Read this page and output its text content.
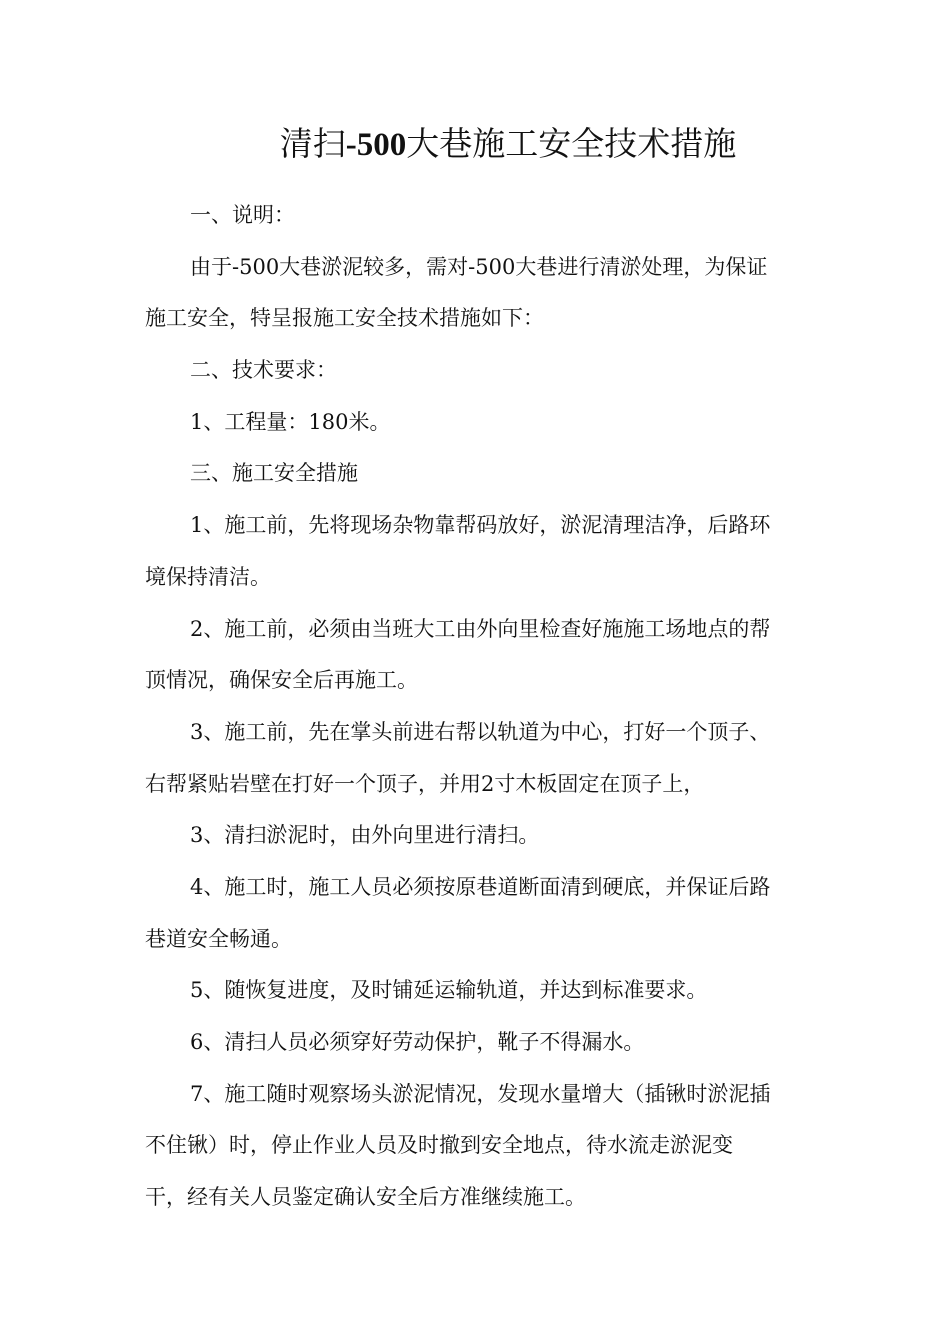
清扫-500大巷施工安全技术措施
一、说明：
由于-500大巷淤泥较多，需对-500大巷进行清淤处理，为保证
施工安全，特呈报施工安全技术措施如下：
二、技术要求：
1、工程量：180米。
三、施工安全措施
1、施工前，先将现场杂物靠帮码放好，淤泥清理洁净，后路环
境保持清洁。
2、施工前，必须由当班大工由外向里检查好施施工场地点的帮
顶情况，确保安全后再施工。
3、施工前，先在掌头前进右帮以轨道为中心，打好一个顶子、
右帮紧贴岩壁在打好一个顶子，并用2寸木板固定在顶子上，
3、清扫淤泥时，由外向里进行清扫。
4、施工时，施工人员必须按原巷道断面清到硬底，并保证后路
巷道安全畅通。
5、随恢复进度，及时铺延运输轨道，并达到标准要求。
6、清扫人员必须穿好劳动保护，靴子不得漏水。
7、施工随时观察场头淤泥情况，发现水量增大（插锹时淤泥插
不住锹）时，停止作业人员及时撤到安全地点，待水流走淤泥变
干，经有关人员鉴定确认安全后方准继续施工。
